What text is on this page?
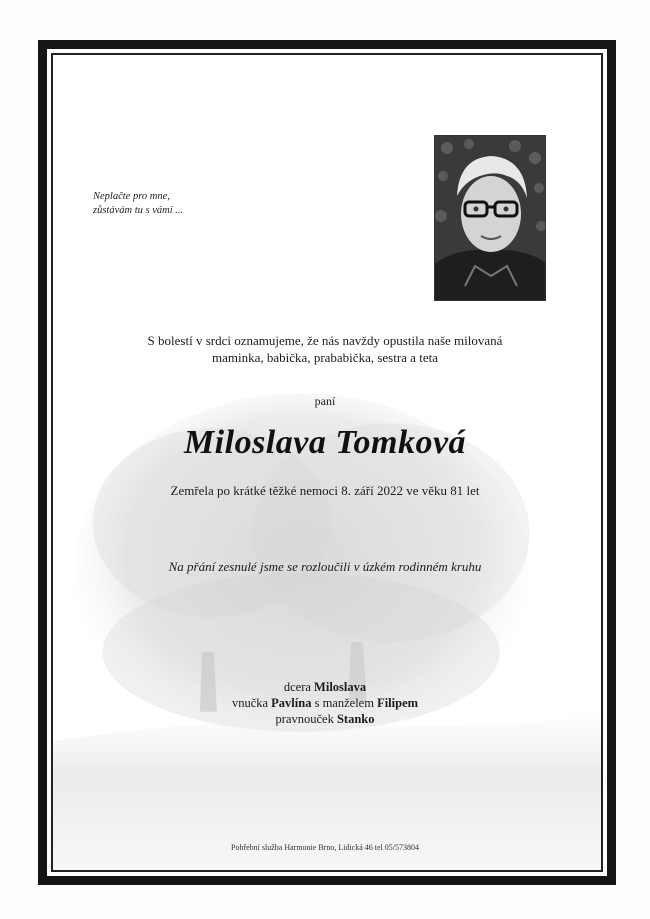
Neplačte pro mne,
zůstávám tu s vámi ...
S bolestí v srdci oznamujeme, že nás navždy opustila naše milovaná
maminka, babička, prababička, sestra a teta
paní
Miloslava Tomková
Zemřela po krátké těžké nemoci 8. září 2022 ve věku 81 let
Na přání zesnulé jsme se rozloučili v úzkém rodinném kruhu
dcera Miloslava
vnučka Pavlína s manželem Filipem
pravnouček Stanko
Pohřební služba Harmonie Brno, Lidická 46 tel 05/573804
